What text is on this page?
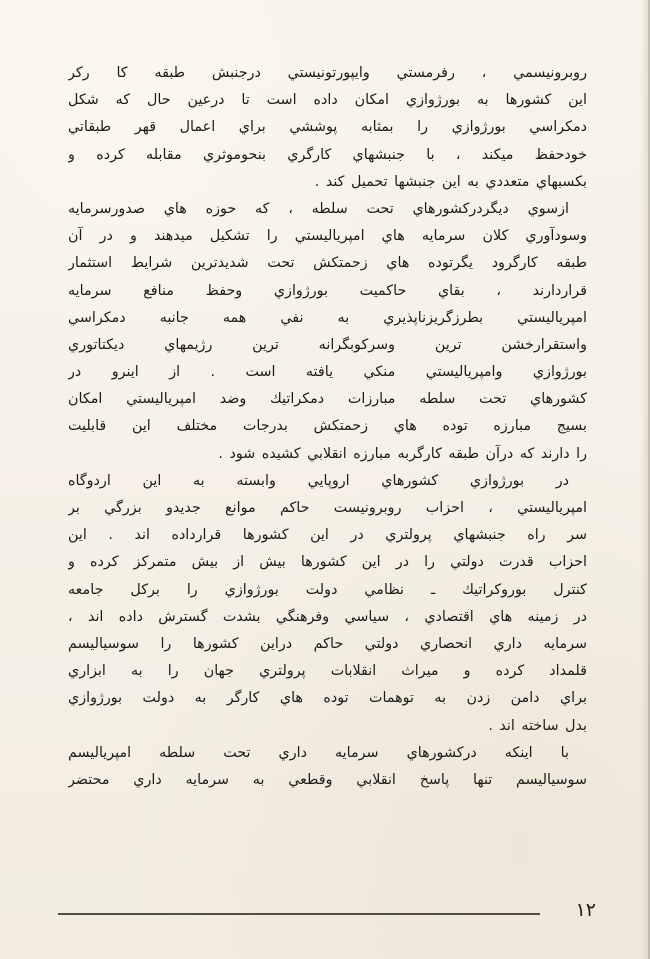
روبرونيسمي ، رفرمستي وايپورتونيستي درجنبش طبقه كا ركر
اين كشورها به بورژوازي امكان داده است تا درعين حال كه شكل
دمكراسي بورژوازي را بمثابه پوششي براي اعمال قهر طبقاتي
خودحفظ ميكند ، با جنبشهاي كارگري بنحوموثري مقابله كرده و
بكسبهاي متعددي به اين جنبشها تحميل كند .
ازسوي ديگردركشورهاي تحت سلطه ، كه حوزه هاي صدورسرمايه
وسودآوري كلان سرمايه هاي امپرياليستي را تشكيل ميدهند و در آن
طبقه كارگرود يگرتوده هاي زحمتكش تحت شديدترين شرايط استثمار
قراردارند ، بقاي حاكميت بورژوازي وحفظ منافع سرمايه
امپرياليستي بطرزگريزناپذيري به نفي همه جانبه دمكراسي
واستقرارخشن ترين وسركوبگرانه ترين رژيمهاي ديكتاتوري
بورژوازي وامپرياليستي منكي يافته است . از اينرو در
كشورهاي تحت سلطه مبارزات دمكراتيك وضد امپرياليستي امكان
بسيج مبارزه توده هاي زحمتكش بدرجات مختلف اين قابليت
را دارند كه درآن طبقه كارگربه مبارزه انقلابي كشيده شود .
در بورژوازي كشورهاي اروپايي وابسته به اين اردوگاه
امپرياليستي ، احزاب روبرونيست حاكم موانع جديدو بزرگي بر
سر راه جنبشهاي پرولتري در اين كشورها قرارداده اند . اين
احزاب قدرت دولتي را در اين كشورها بيش از بيش متمركز كرده و
كنترل بوروكراتيك ـ نظامي دولت بورژوازي را بركل جامعه
در زمينه هاي اقتصادي ، سياسي وفرهنگي بشدت گسترش داده اند ،
سرمايه داري انحصاري دولتي حاكم دراين كشورها را سوسياليسم
قلمداد كرده و ميراث انقلابات پرولتري جهان را به ابزاري
براي دامن زدن به توهمات توده هاي كارگر به دولت بورژوازي
بدل ساخته اند .
با اينكه دركشورهاي سرمايه داري تحت سلطه امپرياليسم
سوسياليسم تنها پاسخ انقلابي وقطعي به سرمايه داري محتضر
۱۲
